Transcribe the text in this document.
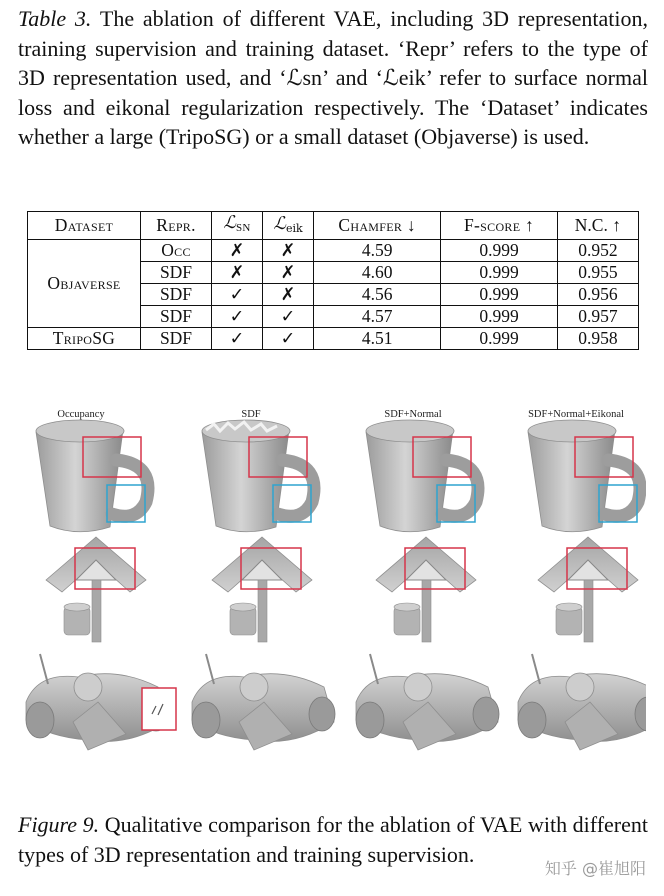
Table 3. The ablation of different VAE, including 3D representation, training supervision and training dataset. ‘Repr’ refers to the type of 3D representation used, and ‘ℒsn’ and ‘ℒeik’ refer to surface normal loss and eikonal regularization respectively. The ‘Dataset’ indicates whether a large (TripoSG) or a small dataset (Objaverse) is used.
Dataset	Repr.	ℒ$_{SN}$	ℒ$_{eik}$	Chamfer ↓	F-score ↑	N.C. ↑
Objaverse	Occ	✗	✗	4.59	0.999	0.952
	SDF	✗	✗	4.60	0.999	0.955
	SDF	✓	✗	4.56	0.999	0.956
	SDF	✓	✓	4.57	0.999	0.957
TripoSG	SDF	✓	✓	4.51	0.999	0.958
Occupancy	SDF	SDF+Normal	SDF+Normal+Eikonal
Figure 9. Qualitative comparison for the ablation of VAE with different types of 3D representation and training supervision.
知乎 @崔旭阳
